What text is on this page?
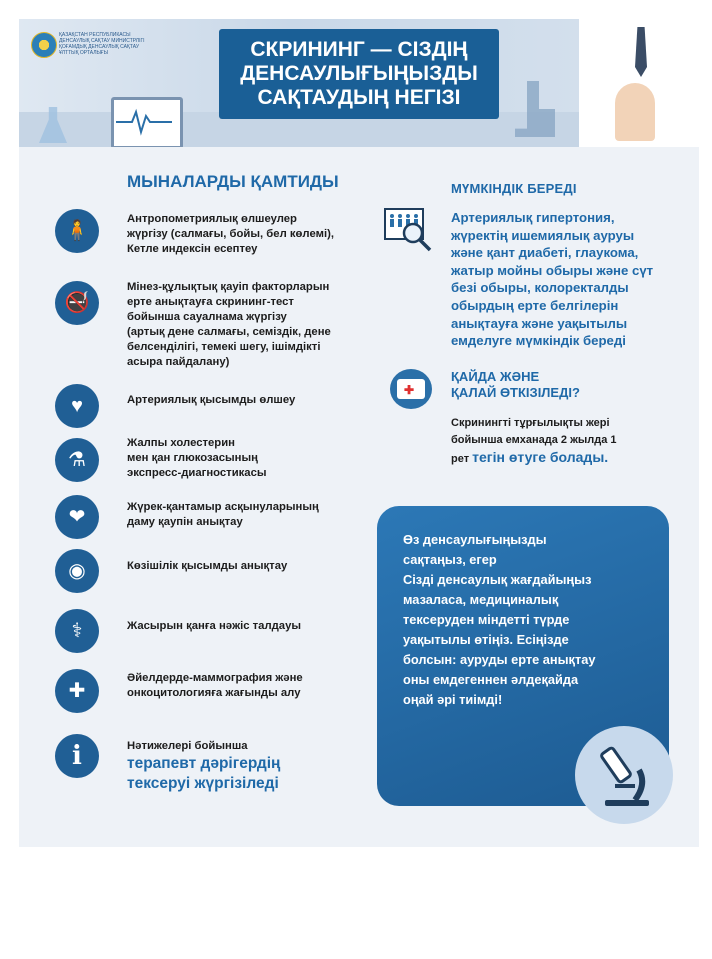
ҚАЗАҚСТАН РЕСПУБЛИКАСЫ
ДЕНСАУЛЫҚ САҚТАУ МИНИСТРЛІГІ
ҚОҒАМДЫҚ ДЕНСАУЛЫҚ САҚТАУ
ҰЛТТЫҚ ОРТАЛЫҒЫ	СКРИНИНГ — СІЗДІҢ
ДЕНСАУЛЫҒЫҢЫЗДЫ
САҚТАУДЫҢ НЕГІЗІ
МЫНАЛАРДЫ ҚАМТИДЫ
🧍
Антропометриялық өлшеулер
жүргізу (салмағы, бойы, бел көлемі),
Кетле индексін есептеу
🚭
Мінез-құлықтық қауіп факторларын
ерте анықтауға скрининг-тест
бойынша сауалнама жүргізу
(артық дене салмағы, семіздік, дене
белсенділігі, темекі шегу, ішімдікті
асыра пайдалану)
♥	Артериялық қысымды өлшеу
⚗
Жалпы холестерин
мен қан глюкозасының
экспресс-диагностикасы
❤	Жүрек-қантамыр асқынуларының
даму қаупін анықтау
◉	Көзішілік қысымды анықтау
⚕	Жасырын қанға нәжіс талдауы
✚
Әйелдерде-маммография және
онкоцитологияға жағынды алу
i	Нәтижелері бойынша
терапевт дәрігердің
тексеруі жүргізіледі
МҮМКІНДІК БЕРЕДІ
Артериялық гипертония,
жүректің ишемиялық ауруы
және қант диабеті, глаукома,
жатыр мойны обыры және сүт
безі обыры, колоректалды
обырдың ерте белгілерін
анықтауға және уақытылы
емделуге мүмкіндік береді
✚
ҚАЙДА ЖӘНЕ
ҚАЛАЙ ӨТКІЗІЛЕДІ?
Скринингті тұрғылықты жері
бойынша емханада 2 жылда 1
рет тегін өтуге болады.
Өз денсаулығыңызды
сақтаңыз, егер
Сізді денсаулық жағдайыңыз
мазаласа, медициналық
тексеруден міндетті түрде
уақытылы өтіңіз. Есіңізде
болсын: ауруды ерте анықтау
оны емдегеннен әлдеқайда
оңай әрі тиімді!
